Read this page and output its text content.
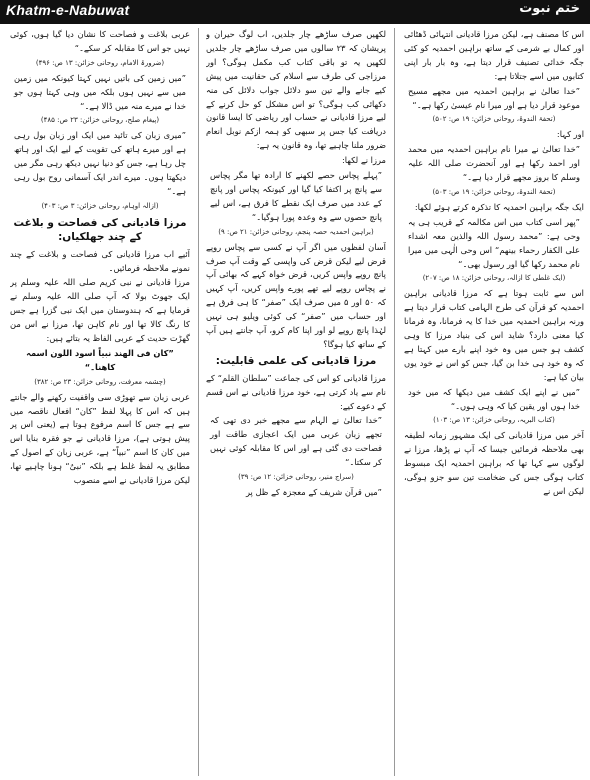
Khatm-e-Nabuwat	ختم نبوت

اس کا مصنف ہے، لیکن مرزا قادیانی انتہائی ڈھٹائی اور کمال بے شرمی کے ساتھ براہین احمدیہ کو کئی جگہ خدائی تصنیف قرار دیتا ہے، وہ بار بار اپنی کتابوں میں اسے جتلاتا ہے:

”خدا تعالیٰ نے براہین احمدیہ میں مجھے مسیح موعود قرار دیا ہے اور میرا نام عیسیٰ رکھا ہے۔“

(تحفۃ الندوۃ، روحانی خزائن: ۱۹ ص: ۵۰۲)

اور کہا:

”خدا تعالیٰ نے میرا نام براہین احمدیہ میں محمد اور احمد رکھا ہے اور آنحضرت صلی اللہ علیہ وسلم کا بروز مجھے قرار دیا ہے۔“

(تحفۃ الندوۃ، روحانی خزائن: ۱۹ ص: ۵۰۳)

ایک جگہ براہین احمدیہ کا تذکرہ کرتے ہوئے لکھا:

”پھر اسی کتاب میں اس مکالمہ کے قریب ہی یہ وحی ہے: ”محمد رسول اللہ والذین معہ اشداء علی الکفار رحماء بینھم“ اس وحی الٰہی میں میرا نام محمد رکھا گیا اور رسول بھی۔“

(ایک غلطی کا ازالہ، روحانی خزائن: ۱۸ ص: ۲۰۷)

اس سے ثابت ہوتا ہے کہ مرزا قادیانی براہین احمدیہ کو قرآن کی طرح الہامی کتاب قرار دیتا ہے ورنہ براہین احمدیہ میں خدا کا یہ فرمانا، وہ فرمانا کیا معنی دارد؟ شاید اس کی بنیاد مرزا کا وہی کشف ہو جس میں وہ خود اپنے بارے میں کہتا ہے کہ وہ خود ہی خدا بن گیا، جس کو اس نے خود یوں بیان کیا ہے:

”میں نے اپنے ایک کشف میں دیکھا کہ میں خود خدا ہوں اور یقین کیا کہ وہی ہوں۔“

(کتاب البریہ، روحانی خزائن: ۱۳ ص: ۱۰۳)

آخر میں مرزا قادیانی کی ایک مشہور زمانہ لطیفہ بھی ملاحظہ فرمائیں جیسا کہ آپ نے پڑھا، مرزا نے لوگوں سے کہا تھا کہ براہین احمدیہ ایک مبسوط کتاب ہوگی جس کی ضخامت تین سو جزو ہوگی، لیکن اس نے

لکھیں صرف ساڑھے چار جلدیں، اب لوگ حیران و پریشان کہ ۲۳ سالوں میں صرف ساڑھے چار جلدیں لکھیں یہ تو باقی کتاب کب مکمل ہوگی؟ اور مرزاجی کی طرف سے اسلام کی حقانیت میں پیش کیے جانے والے تین سو دلائل جواب دلائل کی منہ دکھائی کب ہوگی؟ تو اس مشکل کو حل کرنے کے لیے مرزا قادیانی نے حساب اور ریاضی کا ایسا قانون دریافت کیا جس پر سبھی کو ہمہ ازکم نوبل انعام ضرور ملنا چاہیے تھا، وہ قانون یہ ہے:

مرزا نے لکھا:

”پہلے پچاس حصے لکھنے کا ارادہ تھا مگر پچاس سے پانچ پر اکتفا کیا گیا اور کیونکہ پچاس اور پانچ کے عدد میں صرف ایک نقطے کا فرق ہے، اس لیے پانچ حصوں سے وہ وعدہ پورا ہوگیا۔“

(براہین احمدیہ حصہ پنجم، روحانی خزائن: ۲۱ ص: ۹)

آسان لفظوں میں اگر آپ نے کسی سے پچاس روپے قرض لیے لیکن قرض کی واپسی کے وقت آپ صرف پانچ روپے واپس کریں، قرض خواہ کہے کہ بھائی آپ نے پچاس روپے لیے تھے پورے واپس کریں، آپ کہیں کہ ۵۰ اور ۵ میں صرف ایک ”صفر“ کا ہی فرق ہے اور حساب میں ”صفر“ کی کوئی ویلیو ہی نہیں لہٰذا پانچ روپے لو اور اپنا کام کرو، آپ جانتے ہیں آپ کے ساتھ کیا ہوگا؟

مرزا قادیانی کی علمی قابلیت:

مرزا قادیانی کو اس کی جماعت ”سلطان القلم“ کے نام سے یاد کرتی ہے، خود مرزا قادیانی نے اس قسم کے دعوے کیے:

”خدا تعالیٰ نے الہام سے مجھے خبر دی تھی کہ تجھے زبان عربی میں ایک اعجازی طاقت اور فصاحت دی گئی ہے اور اس کا مقابلہ کوئی نہیں کر سکتا۔“

(سراج منیر، روحانی خزائن: ۱۲ ص: ۳۹)

”میں قرآن شریف کے معجزہ کے ظل پر

عربی بلاغت و فصاحت کا نشان دیا گیا ہوں، کوئی نہیں جو اس کا مقابلہ کر سکے۔“

(ضرورۃ الامام، روحانی خزائن: ۱۳ ص: ۴۹۶)

”میں زمین کی باتیں نہیں کہتا کیونکہ میں زمین میں سے نہیں ہوں بلکہ میں وہی کہتا ہوں جو خدا نے میرے منہ میں ڈالا ہے۔“

(پیغام صلح، روحانی خزائن: ۲۳ ص: ۴۸۵)

”میری زبان کی تائید میں ایک اور زبان بول رہی ہے اور میرے ہاتھ کی تقویت کے لیے ایک اور ہاتھ چل رہا ہے، جس کو دنیا نہیں دیکھ رہی مگر میں دیکھتا ہوں۔ میرے اندر ایک آسمانی روح بول رہی ہے۔“

(ازالہ اوہام، روحانی خزائن: ۳ ص: ۴۰۳)

مرزا قادیانی کی فصاحت و بلاغت کے چند جھلکیاں:

آئیے اب مرزا قادیانی کی فصاحت و بلاغت کے چند نمونے ملاحظہ فرمائیں۔

مرزا قادیانی نے نبی کریم صلی اللہ علیہ وسلم پر ایک جھوٹ بولا کہ آپ صلی اللہ علیہ وسلم نے فرمایا ہے کہ ہندوستان میں ایک نبی گزرا ہے جس کا رنگ کالا تھا اور نام کاہن تھا، مرزا نے اس من گھڑت حدیث کے عربی الفاظ یہ بتائے ہیں:

”کان فی الھند نبیاً اسود اللون اسمہ کاھنا۔“

(چشمہ معرفت، روحانی خزائن: ۲۳ ص: ۳۸۲)

عربی زبان سے تھوڑی سی واقفیت رکھنے والے جانتے ہیں کہ اس کا پہلا لفظ ”کان“ افعال ناقصہ میں سے ہے جس کا اسم مرفوع ہوتا ہے (یعنی اس پر پیش ہوتی ہے)، مرزا قادیانی نے جو فقرہ بنایا اس میں کان کا اسم ”نبیاً“ ہے، عربی زبان کے اصول کے مطابق یہ لفظ غلط ہے بلکہ ”نبیٌ“ ہونا چاہیے تھا، لیکن مرزا قادیانی نے اسے منصوب
